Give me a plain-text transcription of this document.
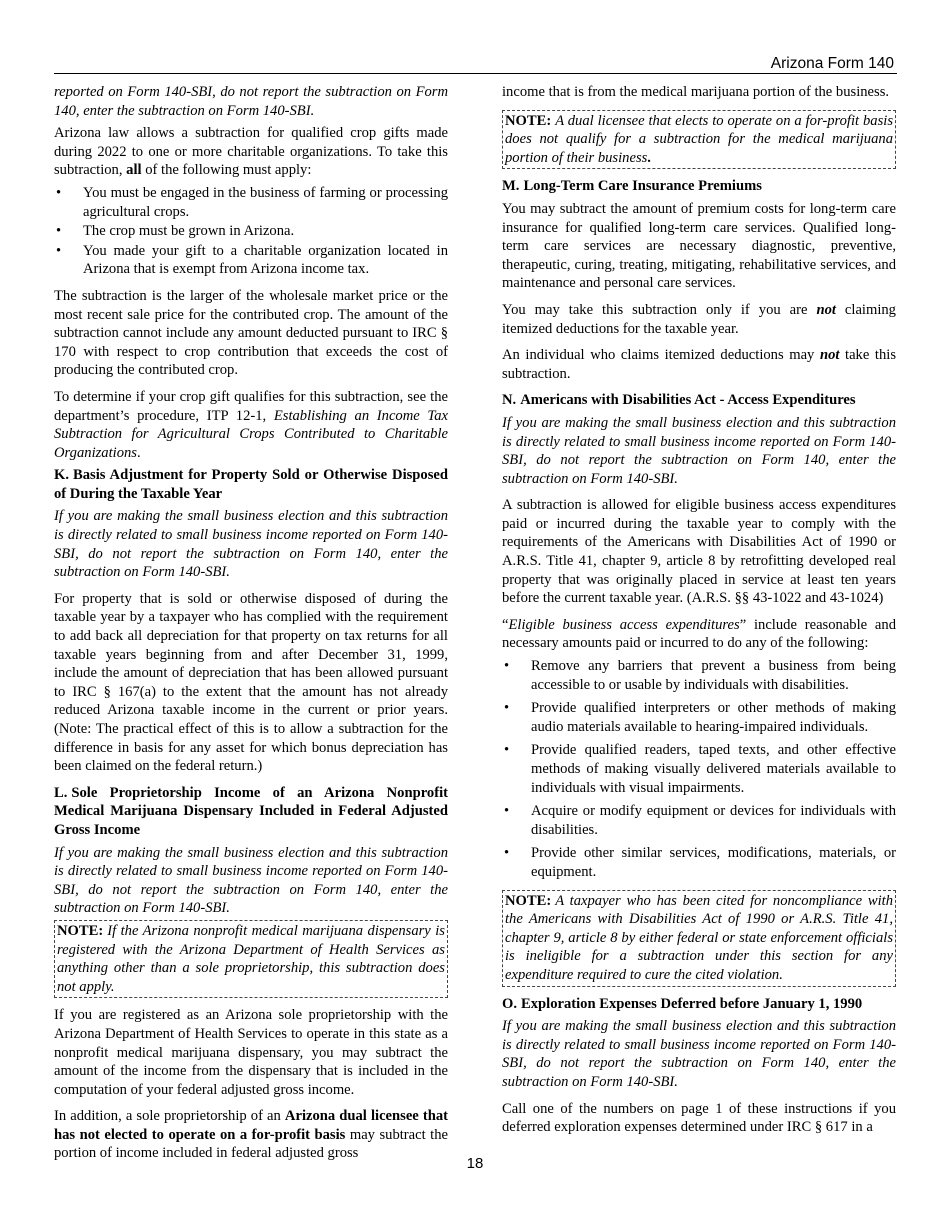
Arizona Form 140

reported on Form 140-SBI, do not report the subtraction on Form 140, enter the subtraction on Form 140-SBI.

Arizona law allows a subtraction for qualified crop gifts made during 2022 to one or more charitable organizations. To take this subtraction, all of the following must apply:

• You must be engaged in the business of farming or processing agricultural crops.
• The crop must be grown in Arizona.
• You made your gift to a charitable organization located in Arizona that is exempt from Arizona income tax.

The subtraction is the larger of the wholesale market price or the most recent sale price for the contributed crop. The amount of the subtraction cannot include any amount deducted pursuant to IRC § 170 with respect to crop contribution that exceeds the cost of producing the contributed crop.

To determine if your crop gift qualifies for this subtraction, see the department’s procedure, ITP 12-1, Establishing an Income Tax Subtraction for Agricultural Crops Contributed to Charitable Organizations.

K. Basis Adjustment for Property Sold or Otherwise Disposed of During the Taxable Year

If you are making the small business election and this subtraction is directly related to small business income reported on Form 140-SBI, do not report the subtraction on Form 140, enter the subtraction on Form 140-SBI.

For property that is sold or otherwise disposed of during the taxable year by a taxpayer who has complied with the requirement to add back all depreciation for that property on tax returns for all taxable years beginning from and after December 31, 1999, include the amount of depreciation that has been allowed pursuant to IRC § 167(a) to the extent that the amount has not already reduced Arizona taxable income in the current or prior years. (Note: The practical effect of this is to allow a subtraction for the difference in basis for any asset for which bonus depreciation has been claimed on the federal return.)

L. Sole Proprietorship Income of an Arizona Nonprofit Medical Marijuana Dispensary Included in Federal Adjusted Gross Income

If you are making the small business election and this subtraction is directly related to small business income reported on Form 140-SBI, do not report the subtraction on Form 140, enter the subtraction on Form 140-SBI.

NOTE: If the Arizona nonprofit medical marijuana dispensary is registered with the Arizona Department of Health Services as anything other than a sole proprietorship, this subtraction does not apply.

If you are registered as an Arizona sole proprietorship with the Arizona Department of Health Services to operate in this state as a nonprofit medical marijuana dispensary, you may subtract the amount of the income from the dispensary that is included in the computation of your federal adjusted gross income.

In addition, a sole proprietorship of an Arizona dual licensee that has not elected to operate on a for-profit basis may subtract the portion of income included in federal adjusted gross

income that is from the medical marijuana portion of the business.

NOTE: A dual licensee that elects to operate on a for-profit basis does not qualify for a subtraction for the medical marijuana portion of their business.
M. Long-Term Care Insurance Premiums

You may subtract the amount of premium costs for long-term care insurance for qualified long-term care services. Qualified long-term care services are necessary diagnostic, preventive, therapeutic, curing, treating, mitigating, rehabilitative services, and maintenance and personal care services.

You may take this subtraction only if you are not claiming itemized deductions for the taxable year.

An individual who claims itemized deductions may not take this subtraction.

N. Americans with Disabilities Act - Access Expenditures

If you are making the small business election and this subtraction is directly related to small business income reported on Form 140-SBI, do not report the subtraction on Form 140, enter the subtraction on Form 140-SBI.

A subtraction is allowed for eligible business access expenditures paid or incurred during the taxable year to comply with the requirements of the Americans with Disabilities Act of 1990 or A.R.S. Title 41, chapter 9, article 8 by retrofitting developed real property that was originally placed in service at least ten years before the current taxable year. (A.R.S. §§ 43-1022 and 43-1024)

“Eligible business access expenditures” include reasonable and necessary amounts paid or incurred to do any of the following:

• Remove any barriers that prevent a business from being accessible to or usable by individuals with disabilities.
• Provide qualified interpreters or other methods of making audio materials available to hearing-impaired individuals.
• Provide qualified readers, taped texts, and other effective methods of making visually delivered materials available to individuals with visual impairments.
• Acquire or modify equipment or devices for individuals with disabilities.
• Provide other similar services, modifications, materials, or equipment.
NOTE: A taxpayer who has been cited for noncompliance with the Americans with Disabilities Act of 1990 or A.R.S. Title 41, chapter 9, article 8 by either federal or state enforcement officials is ineligible for a subtraction under this section for any expenditure required to cure the cited violation.
O. Exploration Expenses Deferred before January 1, 1990

If you are making the small business election and this subtraction is directly related to small business income reported on Form 140-SBI, do not report the subtraction on Form 140, enter the subtraction on Form 140-SBI.

Call one of the numbers on page 1 of these instructions if you deferred exploration expenses determined under IRC § 617 in a

18
